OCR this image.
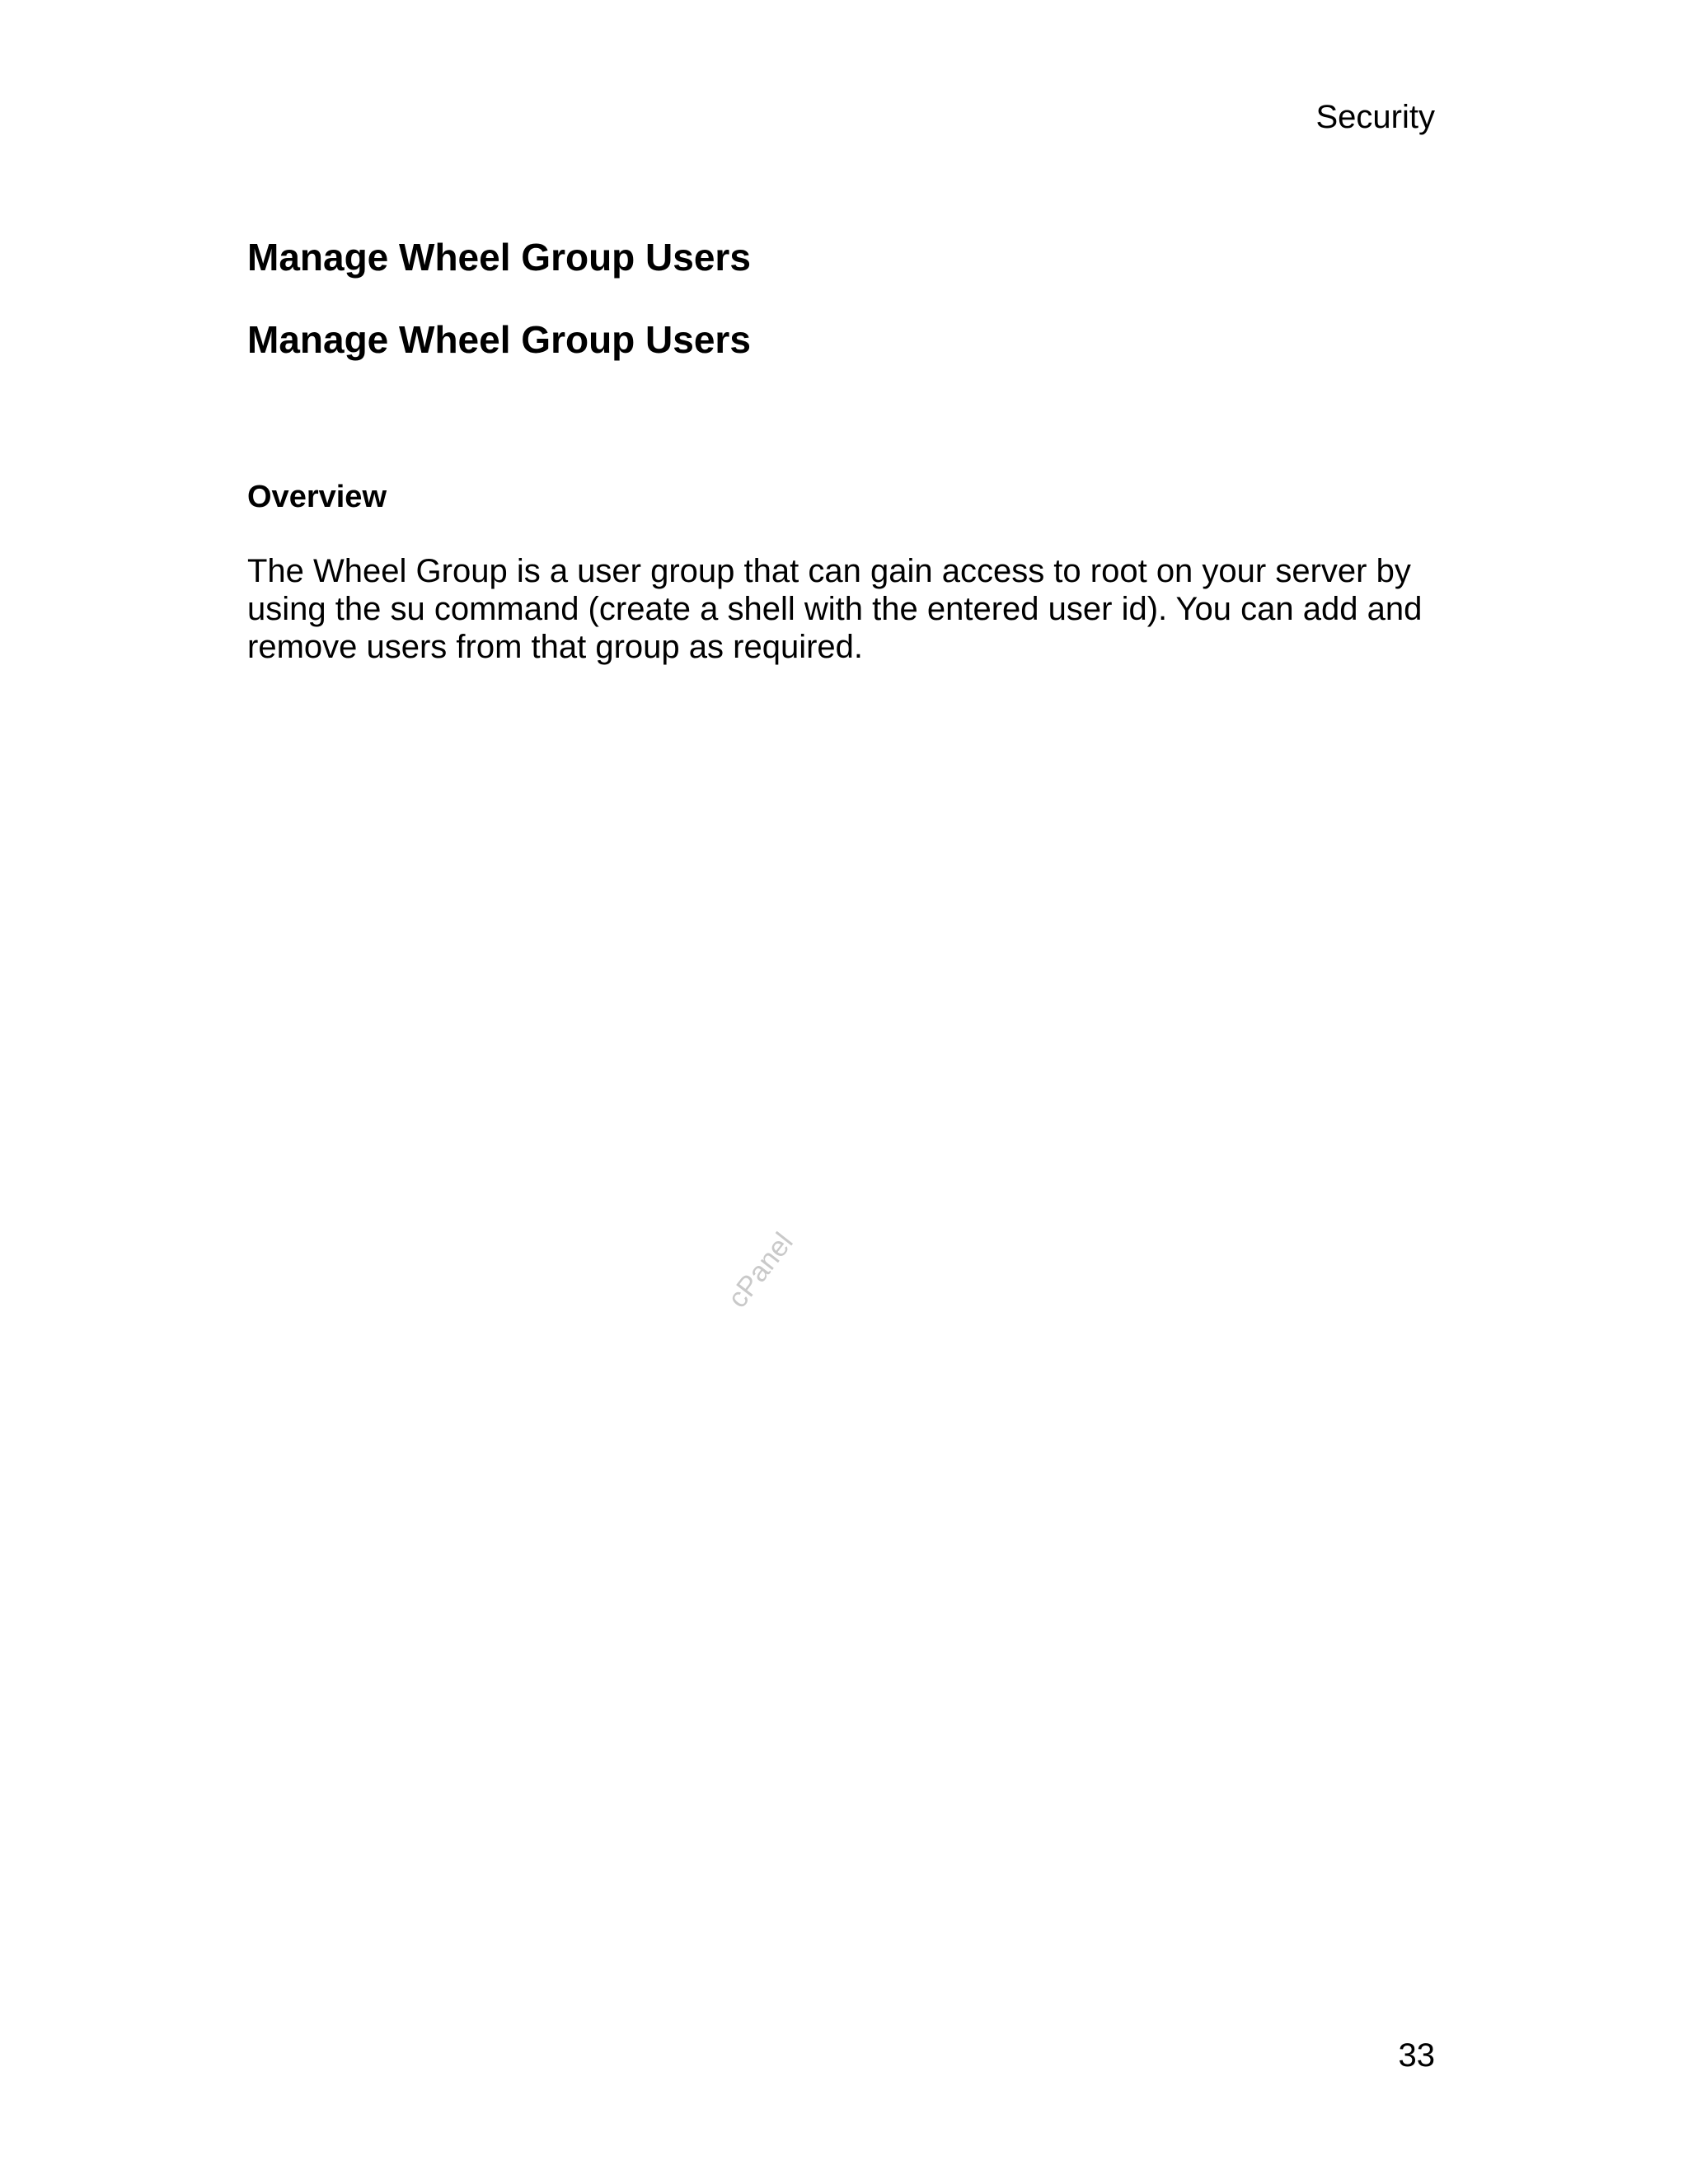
Security

Manage Wheel Group Users
Manage Wheel Group Users
Overview

The Wheel Group is a user group that can gain access to root on your server by using the su command (create a shell with the entered user id). You can add and remove users from that group as required.

cPanel

33
